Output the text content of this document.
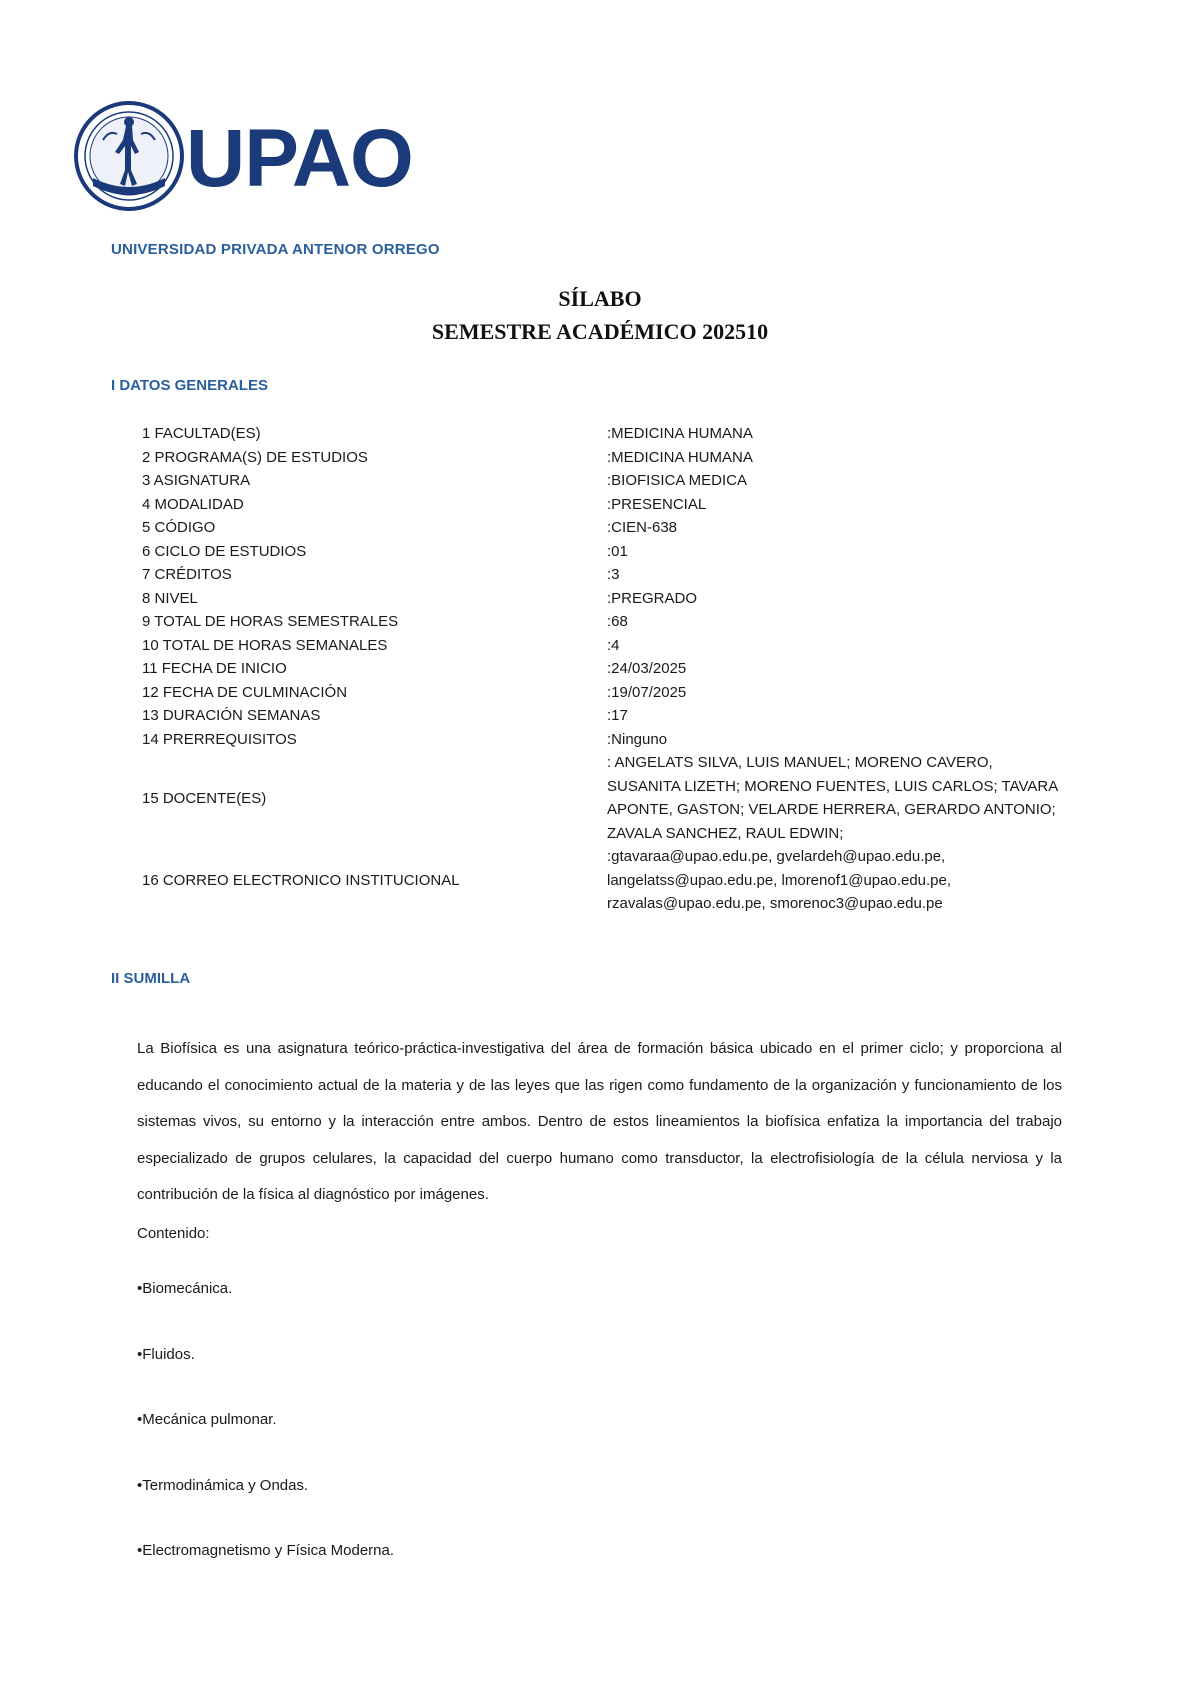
UPAO
UNIVERSIDAD PRIVADA ANTENOR ORREGO
SÍLABO
SEMESTRE ACADÉMICO 202510
I DATOS GENERALES
1 FACULTAD(ES)	:MEDICINA HUMANA
2 PROGRAMA(S) DE ESTUDIOS	:MEDICINA HUMANA
3 ASIGNATURA	:BIOFISICA MEDICA
4 MODALIDAD	:PRESENCIAL
5 CÓDIGO	:CIEN-638
6 CICLO DE ESTUDIOS	:01
7 CRÉDITOS	:3
8 NIVEL	:PREGRADO
9 TOTAL DE HORAS SEMESTRALES	:68
10 TOTAL DE HORAS SEMANALES	:4
11 FECHA DE INICIO	:24/03/2025
12 FECHA DE CULMINACIÓN	:19/07/2025
13 DURACIÓN SEMANAS	:17
14 PRERREQUISITOS	:Ninguno
15 DOCENTE(ES)
: ANGELATS SILVA, LUIS MANUEL; MORENO CAVERO, SUSANITA LIZETH; MORENO FUENTES, LUIS CARLOS; TAVARA APONTE, GASTON; VELARDE HERRERA, GERARDO ANTONIO; ZAVALA SANCHEZ, RAUL EDWIN;
16 CORREO ELECTRONICO INSTITUCIONAL
:gtavaraa@upao.edu.pe, gvelardeh@upao.edu.pe, langelatss@upao.edu.pe, lmorenof1@upao.edu.pe, rzavalas@upao.edu.pe, smorenoc3@upao.edu.pe
II SUMILLA
La Biofísica es una asignatura teórico-práctica-investigativa del área de formación básica ubicado en el primer ciclo; y proporciona al educando el conocimiento actual de la materia y de las leyes que las rigen como fundamento de la organización y funcionamiento de los sistemas vivos, su entorno y la interacción entre ambos. Dentro de estos lineamientos la biofísica enfatiza la importancia del trabajo especializado de grupos celulares, la capacidad del cuerpo humano como transductor, la electrofisiología de la célula nerviosa y la contribución de la física al diagnóstico por imágenes.
Contenido:
•Biomecánica.
•Fluidos.
•Mecánica pulmonar.
•Termodinámica y Ondas.
•Electromagnetismo y Física Moderna.
